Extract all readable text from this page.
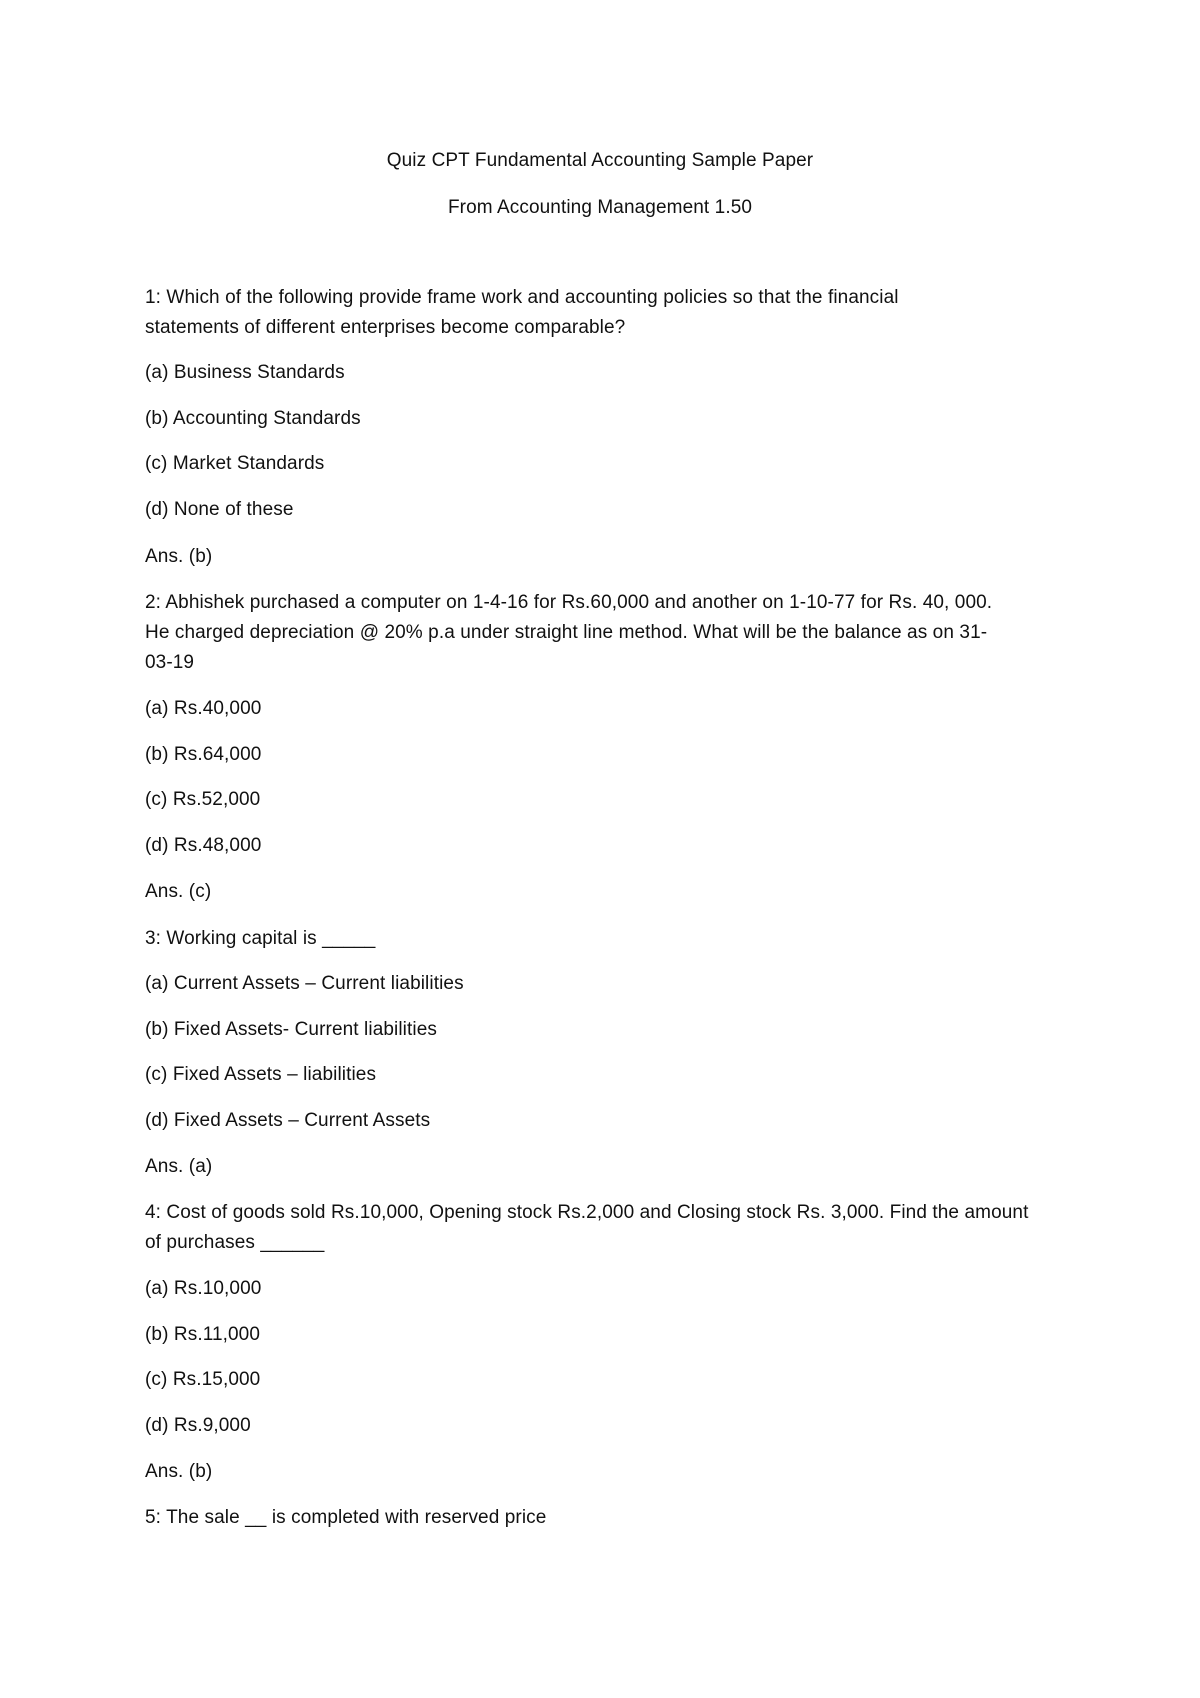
Quiz CPT Fundamental Accounting Sample Paper
From Accounting Management 1.50
1: Which of the following provide frame work and accounting policies so that the financial
statements of different enterprises become comparable?
(a) Business Standards
(b) Accounting Standards
(c) Market Standards
(d) None of these
Ans. (b)
2: Abhishek purchased a computer on 1-4-16 for Rs.60,000 and another on 1-10-77 for Rs. 40, 000.
He charged depreciation @ 20% p.a under straight line method. What will be the balance as on 31-
03-19
(a) Rs.40,000
(b) Rs.64,000
(c) Rs.52,000
(d) Rs.48,000
Ans. (c)
3: Working capital is _____
(a) Current Assets – Current liabilities
(b) Fixed Assets- Current liabilities
(c) Fixed Assets – liabilities
(d) Fixed Assets – Current Assets
Ans. (a)
4: Cost of goods sold Rs.10,000, Opening stock Rs.2,000 and Closing stock Rs. 3,000. Find the amount
of purchases ______
(a) Rs.10,000
(b) Rs.11,000
(c) Rs.15,000
(d) Rs.9,000
Ans. (b)
5: The sale __ is completed with reserved price
